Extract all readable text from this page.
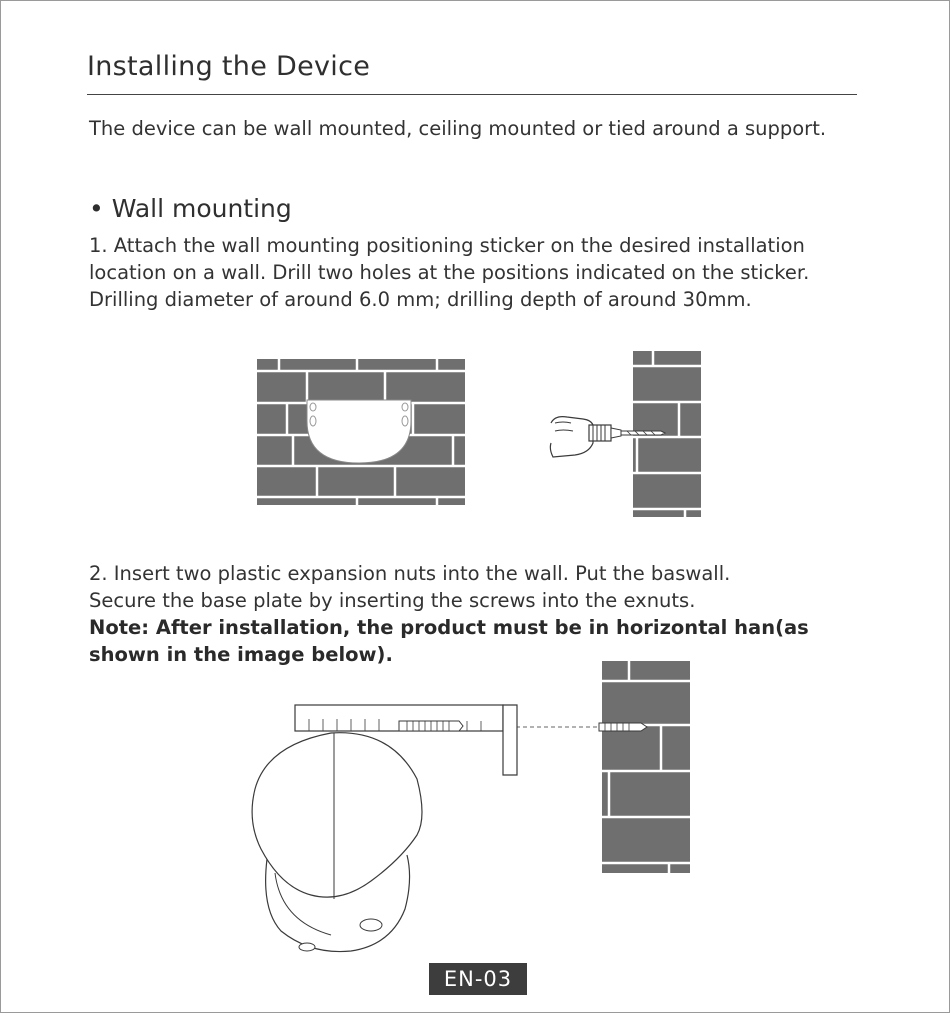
Installing the Device
The device can be wall mounted, ceiling mounted or tied around a support.
• Wall mounting
1. Attach the wall mounting positioning sticker on the desired installation
location on a wall. Drill two holes at the positions indicated on the sticker.
Drilling diameter of around 6.0 mm; drilling depth of around 30mm.
2. Insert two plastic expansion nuts into the wall. Put the baswall.
Secure the base plate by inserting the screws into the exnuts.
Note: After installation, the product must be in horizontal han(as
shown in the image below).
EN-03
